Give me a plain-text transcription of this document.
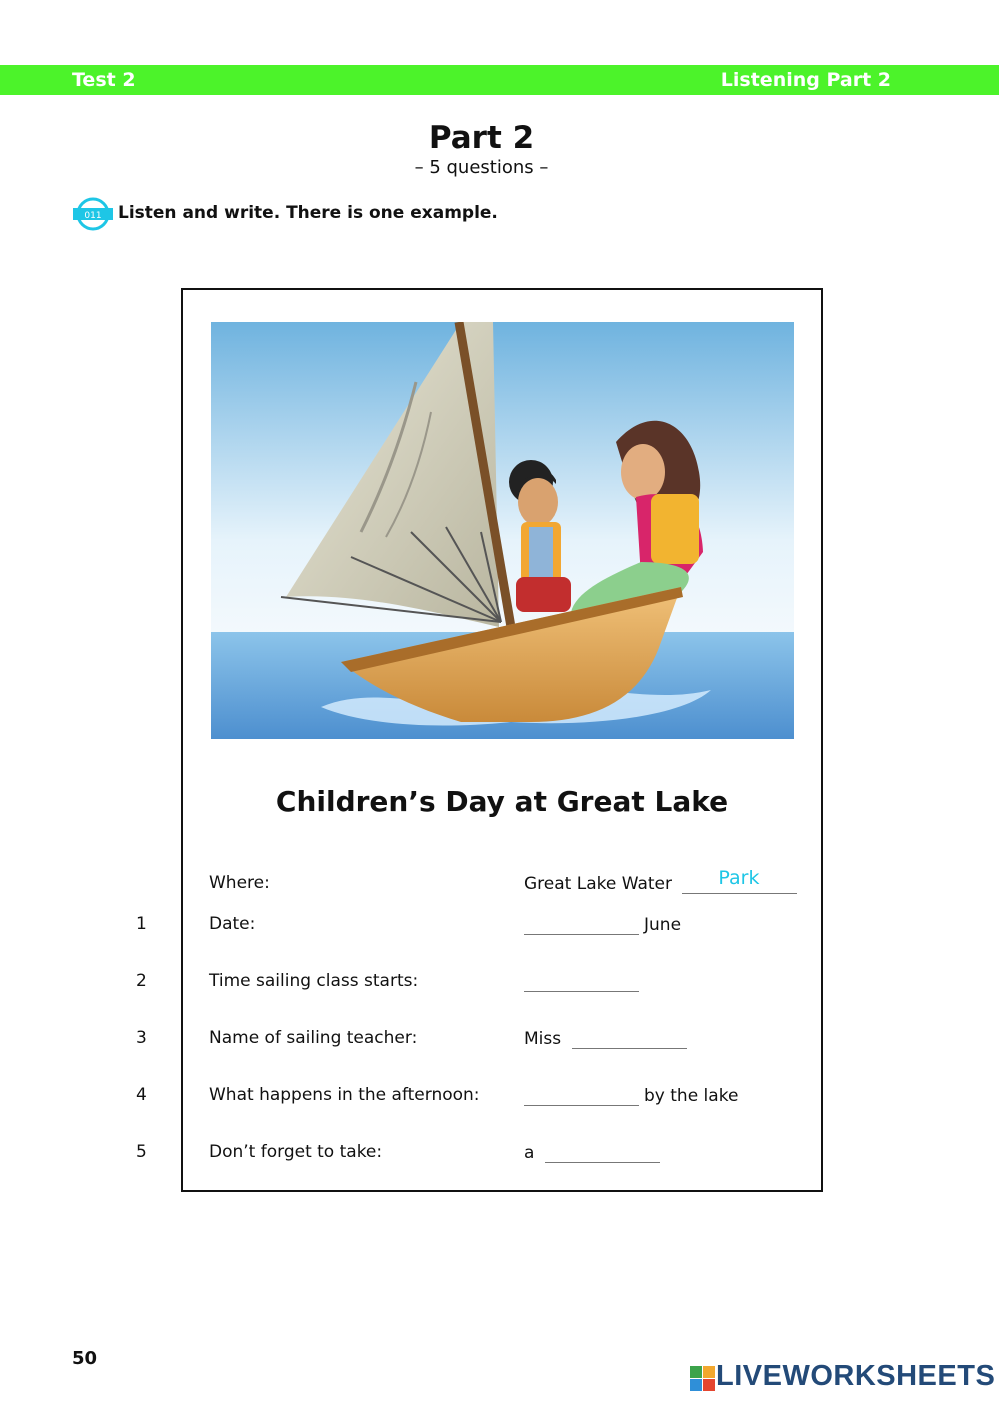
Test 2	Listening Part 2
Part 2
– 5 questions –
011 Listen and write. There is one example.
Children’s Day at Great Lake
Where:	Great Lake Water Park
1	Date:	June
2	Time sailing class starts:
3	Name of sailing teacher:	Miss
4	What happens in the afternoon:	by the lake
5	Don’t forget to take:	a
50
LIVEWORKSHEETS
